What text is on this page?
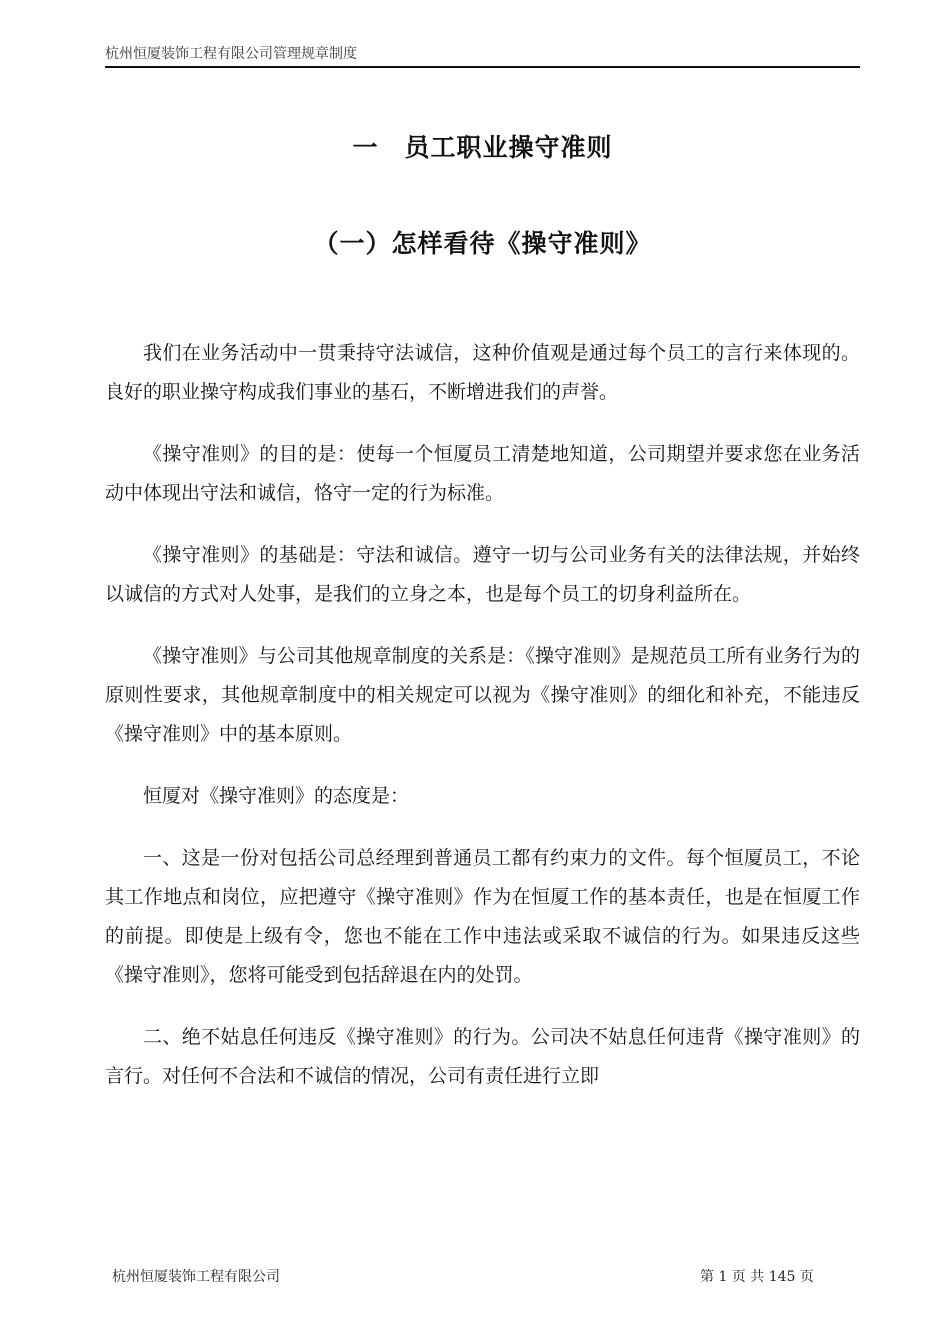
杭州恒厦装饰工程有限公司管理规章制度
一　员工职业操守准则
（一）怎样看待《操守准则》

我们在业务活动中一贯秉持守法诚信，这种价值观是通过每个员工的言行来体现的。良好的职业操守构成我们事业的基石，不断增进我们的声誉。

《操守准则》的目的是：使每一个恒厦员工清楚地知道，公司期望并要求您在业务活动中体现出守法和诚信，恪守一定的行为标准。

《操守准则》的基础是：守法和诚信。遵守一切与公司业务有关的法律法规，并始终以诚信的方式对人处事，是我们的立身之本，也是每个员工的切身利益所在。

《操守准则》与公司其他规章制度的关系是：《操守准则》是规范员工所有业务行为的原则性要求，其他规章制度中的相关规定可以视为《操守准则》的细化和补充，不能违反《操守准则》中的基本原则。

恒厦对《操守准则》的态度是：

一、这是一份对包括公司总经理到普通员工都有约束力的文件。每个恒厦员工，不论其工作地点和岗位，应把遵守《操守准则》作为在恒厦工作的基本责任，也是在恒厦工作的前提。即使是上级有令，您也不能在工作中违法或采取不诚信的行为。如果违反这些《操守准则》，您将可能受到包括辞退在内的处罚。

二、绝不姑息任何违反《操守准则》的行为。公司决不姑息任何违背《操守准则》的言行。对任何不合法和不诚信的情况，公司有责任进行立即

杭州恒厦装饰工程有限公司	第 1 页 共 145 页
